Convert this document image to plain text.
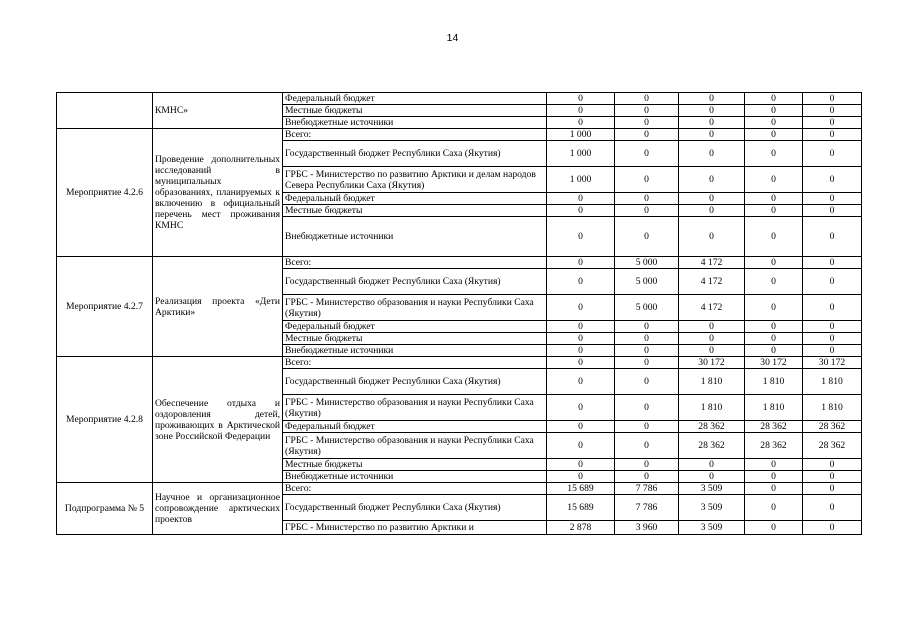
14
	КМНС»	Федеральный бюджет	0	0	0	0	0
		Местные бюджеты	0	0	0	0	0
		Внебюджетные источники	0	0	0	0	0
Мероприятие 4.2.6	Проведение дополнительных исследований в муниципальных образованиях, планируемых к включению в официальный перечень мест проживания КМНС	Всего:	1 000	0	0	0	0
		Государственный бюджет Республики Саха (Якутия)	1 000	0	0	0	0
		ГРБС - Министерство по развитию Арктики и делам народов Севера Республики Саха (Якутия)	1 000	0	0	0	0
		Федеральный бюджет	0	0	0	0	0
		Местные бюджеты	0	0	0	0	0
		Внебюджетные источники	0	0	0	0	0
Мероприятие 4.2.7	Реализация проекта «Дети Арктики»	Всего:	0	5 000	4 172	0	0
		Государственный бюджет Республики Саха (Якутия)	0	5 000	4 172	0	0
		ГРБС - Министерство образования и науки Республики Саха (Якутия)	0	5 000	4 172	0	0
		Федеральный бюджет	0	0	0	0	0
		Местные бюджеты	0	0	0	0	0
		Внебюджетные источники	0	0	0	0	0
Мероприятие 4.2.8	Обеспечение отдыха и оздоровления детей, проживающих в Арктической зоне Российской Федерации	Всего:	0	0	30 172	30 172	30 172
		Государственный бюджет Республики Саха (Якутия)	0	0	1 810	1 810	1 810
		ГРБС - Министерство образования и науки Республики Саха (Якутия)	0	0	1 810	1 810	1 810
		Федеральный бюджет	0	0	28 362	28 362	28 362
		ГРБС - Министерство образования и науки Республики Саха (Якутия)	0	0	28 362	28 362	28 362
		Местные бюджеты	0	0	0	0	0
		Внебюджетные источники	0	0	0	0	0
Подпрограмма № 5	Научное и организационное сопровождение арктических проектов	Всего:	15 689	7 786	3 509	0	0
		Государственный бюджет Республики Саха (Якутия)	15 689	7 786	3 509	0	0
		ГРБС - Министерство по развитию Арктики и	2 878	3 960	3 509	0	0
